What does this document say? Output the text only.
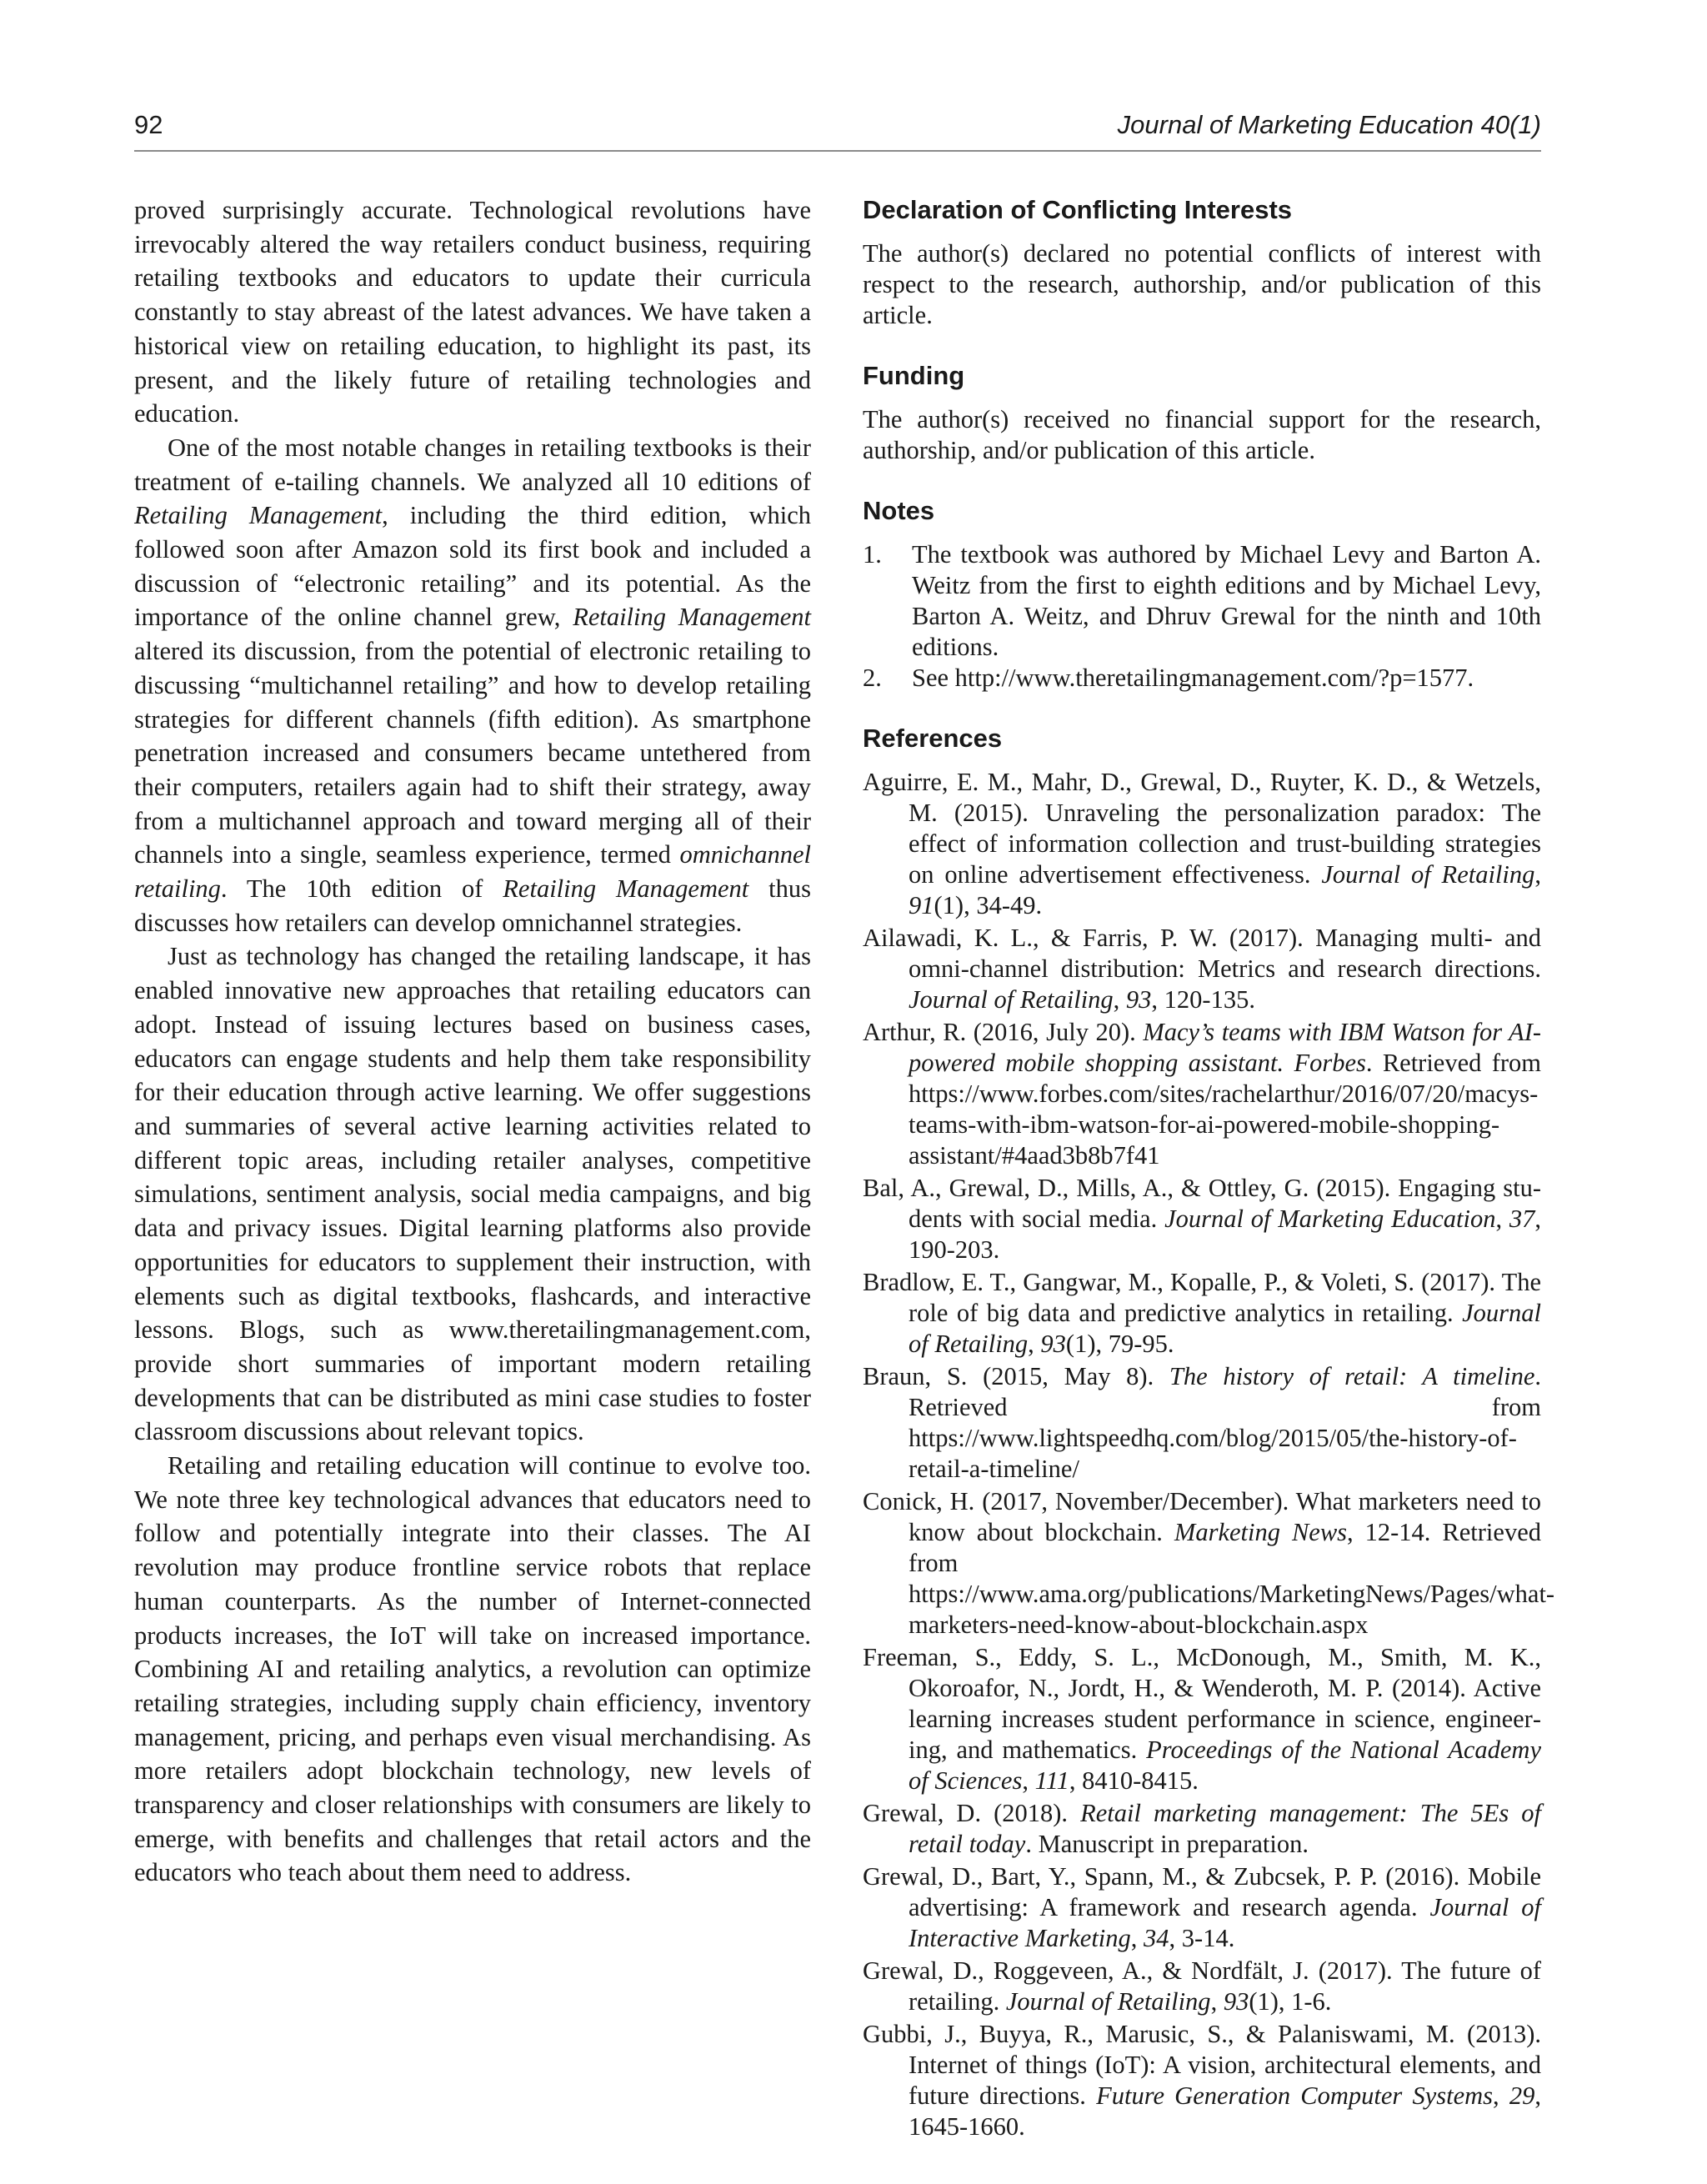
92	Journal of Marketing Education 40(1)

proved surprisingly accurate. Technological revolutions have irrevocably altered the way retailers conduct business, requiring retailing textbooks and educators to update their curricula constantly to stay abreast of the latest advances. We have taken a historical view on retailing education, to highlight its past, its present, and the likely future of retailing technologies and education.

One of the most notable changes in retailing textbooks is their treatment of e-tailing channels. We analyzed all 10 editions of Retailing Management, including the third edition, which followed soon after Amazon sold its first book and included a discussion of “electronic retailing” and its potential. As the importance of the online channel grew, Retailing Management altered its discussion, from the potential of electronic retailing to discussing “multichannel retailing” and how to develop retailing strategies for different channels (fifth edition). As smartphone penetration increased and consumers became untethered from their computers, retailers again had to shift their strategy, away from a multichannel approach and toward merging all of their channels into a single, seamless experience, termed omnichannel retailing. The 10th edition of Retailing Management thus discusses how retailers can develop omnichannel strategies.

Just as technology has changed the retailing landscape, it has enabled innovative new approaches that retailing educators can adopt. Instead of issuing lectures based on business cases, educators can engage students and help them take responsibility for their education through active learning. We offer suggestions and summaries of several active learning activities related to different topic areas, including retailer analyses, competitive simulations, sentiment analysis, social media campaigns, and big data and privacy issues. Digital learning platforms also provide opportunities for educators to supplement their instruction, with elements such as digital textbooks, flashcards, and interactive lessons. Blogs, such as www.theretailingmanagement.com, provide short summaries of important modern retailing developments that can be distributed as mini case studies to foster classroom discussions about relevant topics.

Retailing and retailing education will continue to evolve too. We note three key technological advances that educators need to follow and potentially integrate into their classes. The AI revolution may produce frontline service robots that replace human counterparts. As the number of Internet-connected products increases, the IoT will take on increased importance. Combining AI and retailing analytics, a revolution can optimize retailing strategies, including supply chain efficiency, inventory management, pricing, and perhaps even visual merchandising. As more retailers adopt blockchain technology, new levels of transparency and closer relationships with consumers are likely to emerge, with benefits and challenges that retail actors and the educators who teach about them need to address.

Declaration of Conflicting Interests

The author(s) declared no potential conflicts of interest with respect to the research, authorship, and/or publication of this article.

Funding

The author(s) received no financial support for the research, authorship, and/or publication of this article.

Notes
1. The textbook was authored by Michael Levy and Barton A. Weitz from the first to eighth editions and by Michael Levy, Barton A. Weitz, and Dhruv Grewal for the ninth and 10th editions.
2. See http://www.theretailingmanagement.com/?p=1577.
References
Aguirre, E. M., Mahr, D., Grewal, D., Ruyter, K. D., & Wetzels, M. (2015). Unraveling the personalization paradox: The effect of information collection and trust-building strategies on online advertisement effectiveness. Journal of Retailing, 91(1), 34-49.
Ailawadi, K. L., & Farris, P. W. (2017). Managing multi- and omni-channel distribution: Metrics and research directions. Journal of Retailing, 93, 120-135.
Arthur, R. (2016, July 20). Macy’s teams with IBM Watson for AI-powered mobile shopping assistant. Forbes. Retrieved from https://www.forbes.com/sites/rachelarthur/2016/07/20/macys-teams-with-ibm-watson-for-ai-powered-mobile-shopping-assistant/#4aad3b8b7f41
Bal, A., Grewal, D., Mills, A., & Ottley, G. (2015). Engaging students with social media. Journal of Marketing Education, 37, 190-203.
Bradlow, E. T., Gangwar, M., Kopalle, P., & Voleti, S. (2017). The role of big data and predictive analytics in retailing. Journal of Retailing, 93(1), 79-95.
Braun, S. (2015, May 8). The history of retail: A timeline. Retrieved from https://www.lightspeedhq.com/blog/2015/05/the-history-of-retail-a-timeline/
Conick, H. (2017, November/December). What marketers need to know about blockchain. Marketing News, 12-14. Retrieved from https://www.ama.org/publications/MarketingNews/Pages/what-marketers-need-know-about-blockchain.aspx
Freeman, S., Eddy, S. L., McDonough, M., Smith, M. K., Okoroafor, N., Jordt, H., & Wenderoth, M. P. (2014). Active learning increases student performance in science, engineering, and mathematics. Proceedings of the National Academy of Sciences, 111, 8410-8415.
Grewal, D. (2018). Retail marketing management: The 5Es of retail today. Manuscript in preparation.
Grewal, D., Bart, Y., Spann, M., & Zubcsek, P. P. (2016). Mobile advertising: A framework and research agenda. Journal of Interactive Marketing, 34, 3-14.
Grewal, D., Roggeveen, A., & Nordfält, J. (2017). The future of retailing. Journal of Retailing, 93(1), 1-6.
Gubbi, J., Buyya, R., Marusic, S., & Palaniswami, M. (2013). Internet of things (IoT): A vision, architectural elements, and future directions. Future Generation Computer Systems, 29, 1645-1660.
